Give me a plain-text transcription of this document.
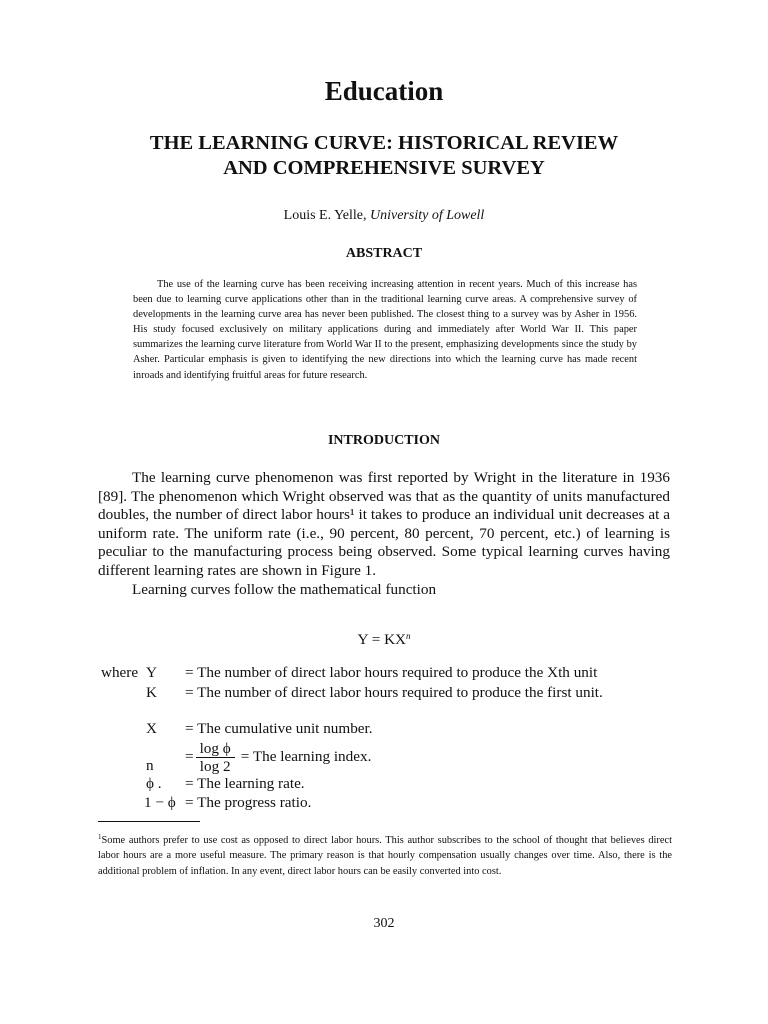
Education
THE LEARNING CURVE: HISTORICAL REVIEW
AND COMPREHENSIVE SURVEY
Louis E. Yelle, University of Lowell
ABSTRACT

The use of the learning curve has been receiving increasing attention in recent years. Much of this increase has been due to learning curve applications other than in the traditional learning curve areas. A comprehensive survey of developments in the learning curve area has never been published. The closest thing to a survey was by Asher in 1956. His study focused exclusively on military applications during and immediately after World War II. This paper summarizes the learning curve literature from World War II to the present, emphasizing developments since the study by Asher. Particular emphasis is given to identifying the new directions into which the learning curve has made recent inroads and identifying fruitful areas for future research.

INTRODUCTION

The learning curve phenomenon was first reported by Wright in the literature in 1936 [89]. The phenomenon which Wright observed was that as the quantity of units manufactured doubles, the number of direct labor hours¹ it takes to produce an individual unit decreases at a uniform rate. The uniform rate (i.e., 90 percent, 80 percent, 70 percent, etc.) of learning is peculiar to the manufacturing process being observed. Some typical learning curves having different learning rates are shown in Figure 1.

Learning curves follow the mathematical function

$Y = KX^n$
where Y = The number of direct labor hours required to produce the Xth unit
K = The number of direct labor hours required to produce the first unit.
X = The cumulative unit number.
n
= $\frac{\text{log ϕ}}{\log 2}$ = The learning index.
ϕ . = The learning rate.
1 − ϕ = The progress ratio.
$^1$Some authors prefer to use cost as opposed to direct labor hours. This author subscribes to the school of thought that believes direct labor hours are a more useful measure. The primary reason is that hourly compensation usually changes over time. Also, there is the additional problem of inflation. In any event, direct labor hours can be easily converted into cost.
302
